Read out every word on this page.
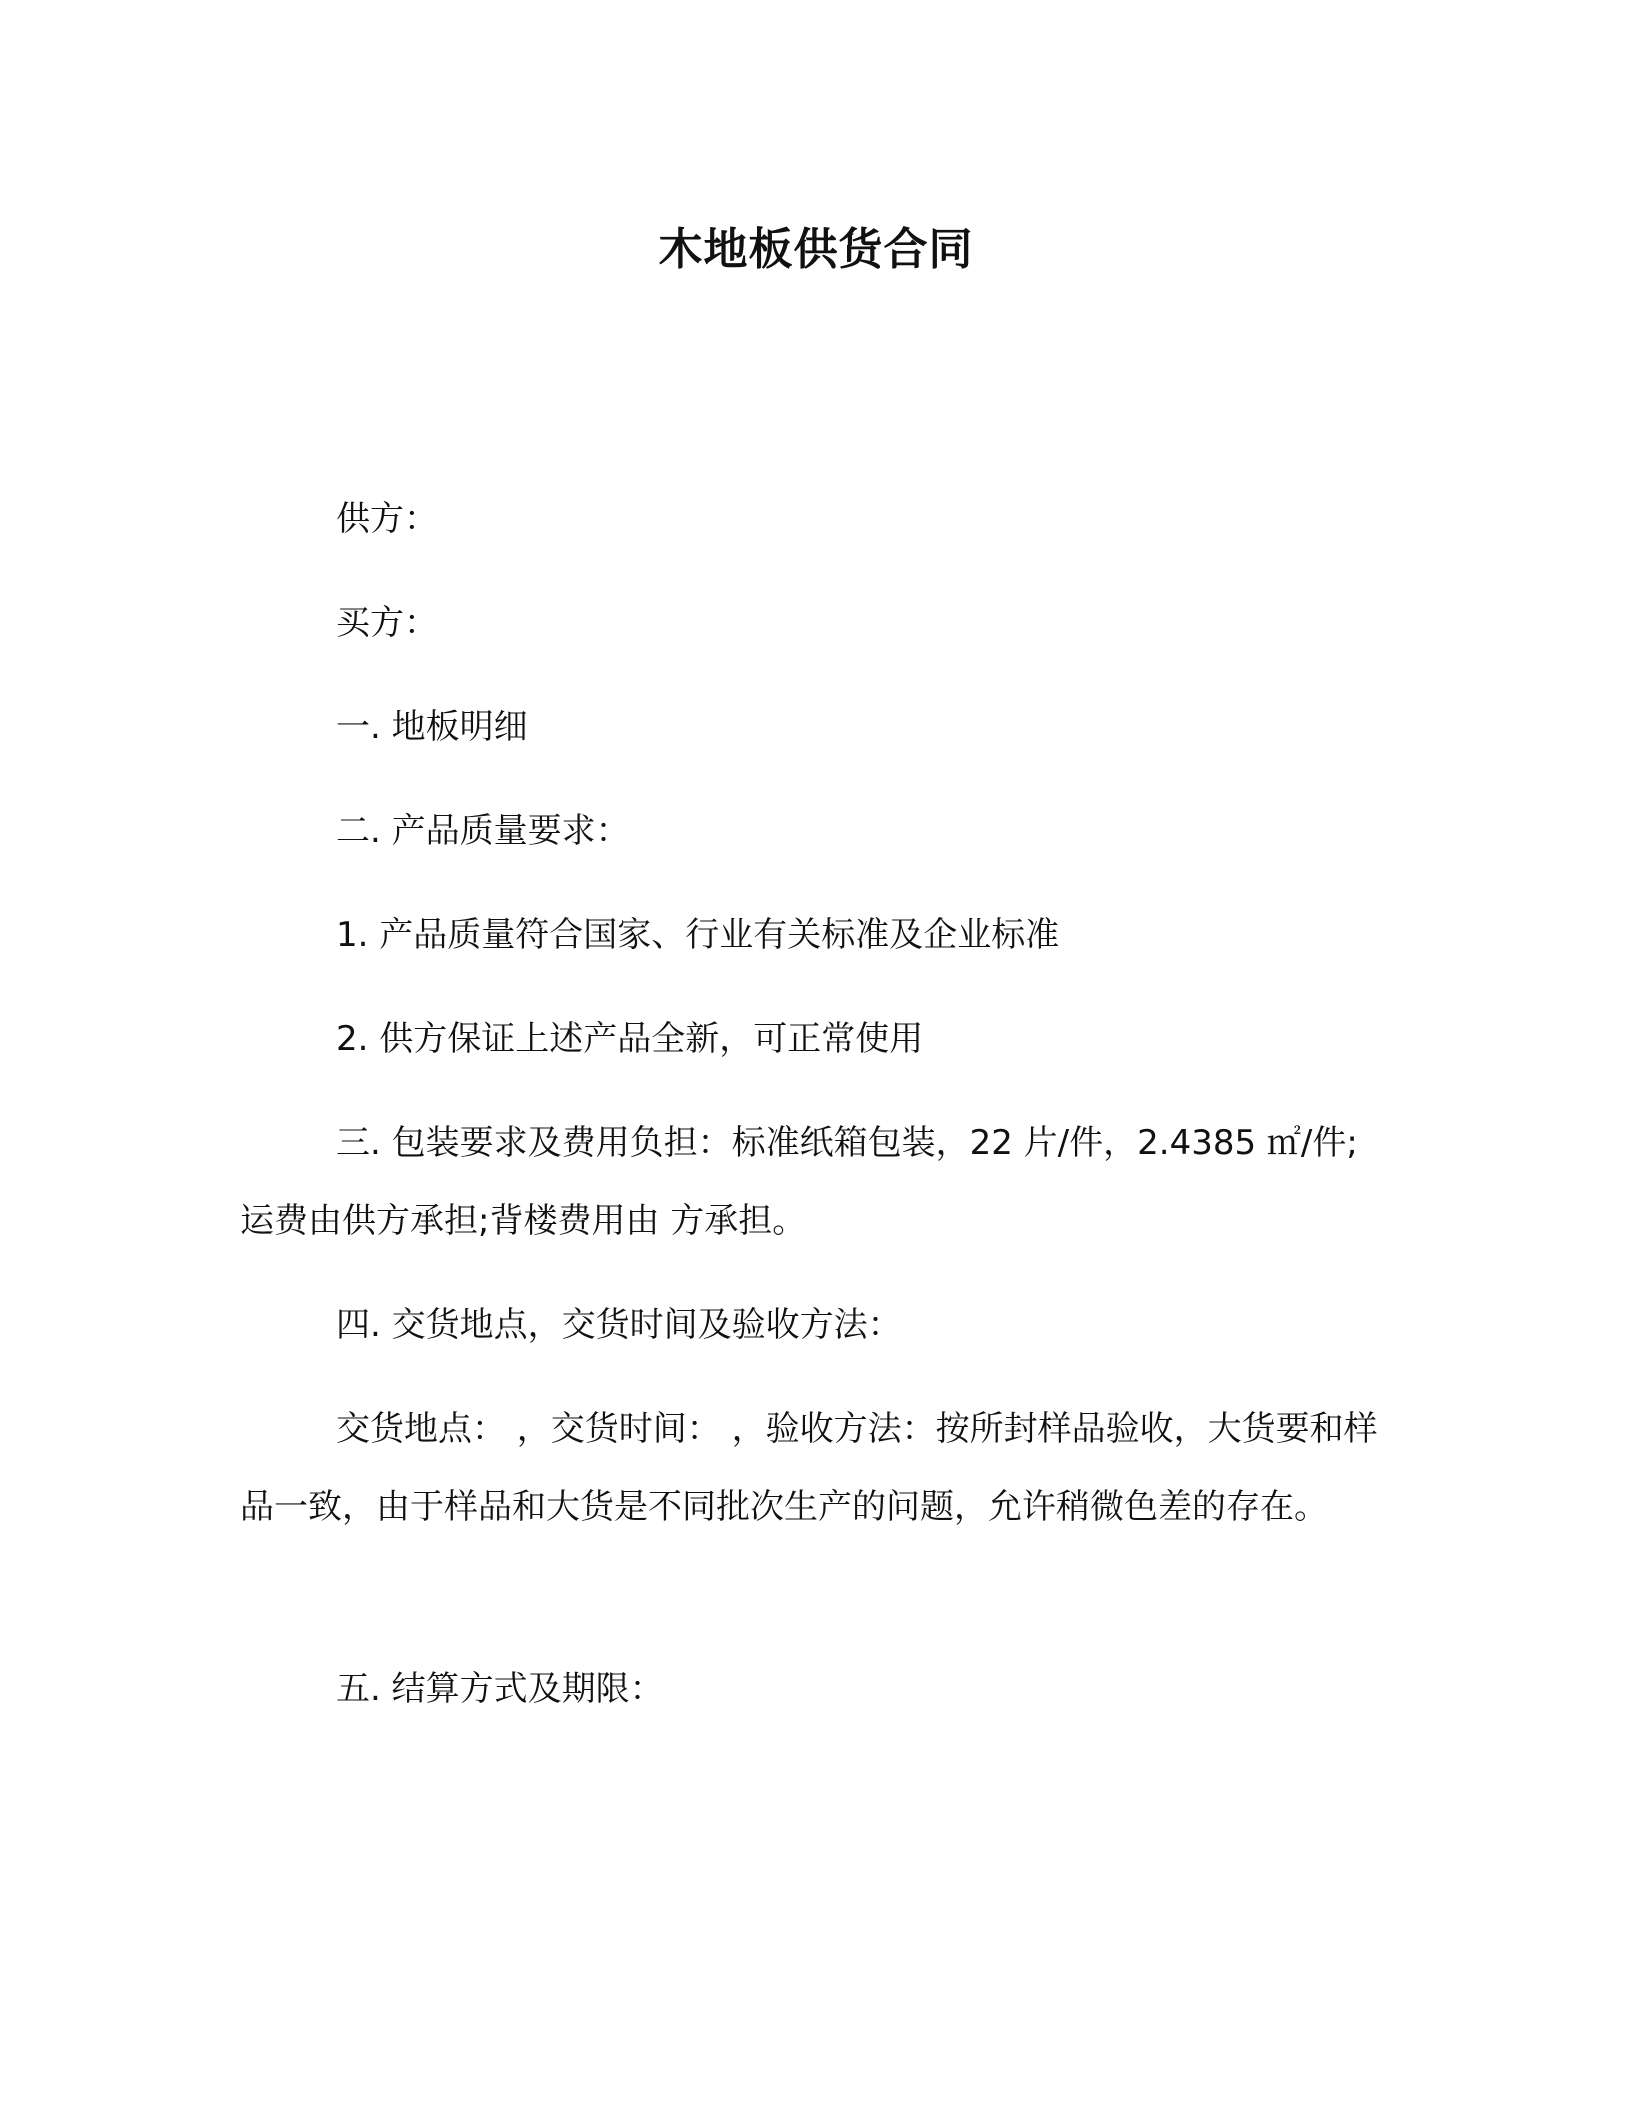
木地板供货合同

供方：

买方：

一. 地板明细

二. 产品质量要求：

1. 产品质量符合国家、行业有关标准及企业标准

2. 供方保证上述产品全新，可正常使用

三. 包装要求及费用负担：标准纸箱包装，22 片/件，2.4385 ㎡/件;运费由供方承担;背楼费用由 方承担。

四. 交货地点，交货时间及验收方法：

交货地点： ，交货时间： ，验收方法：按所封样品验收，大货要和样品一致，由于样品和大货是不同批次生产的问题，允许稍微色差的存在。

五. 结算方式及期限：
